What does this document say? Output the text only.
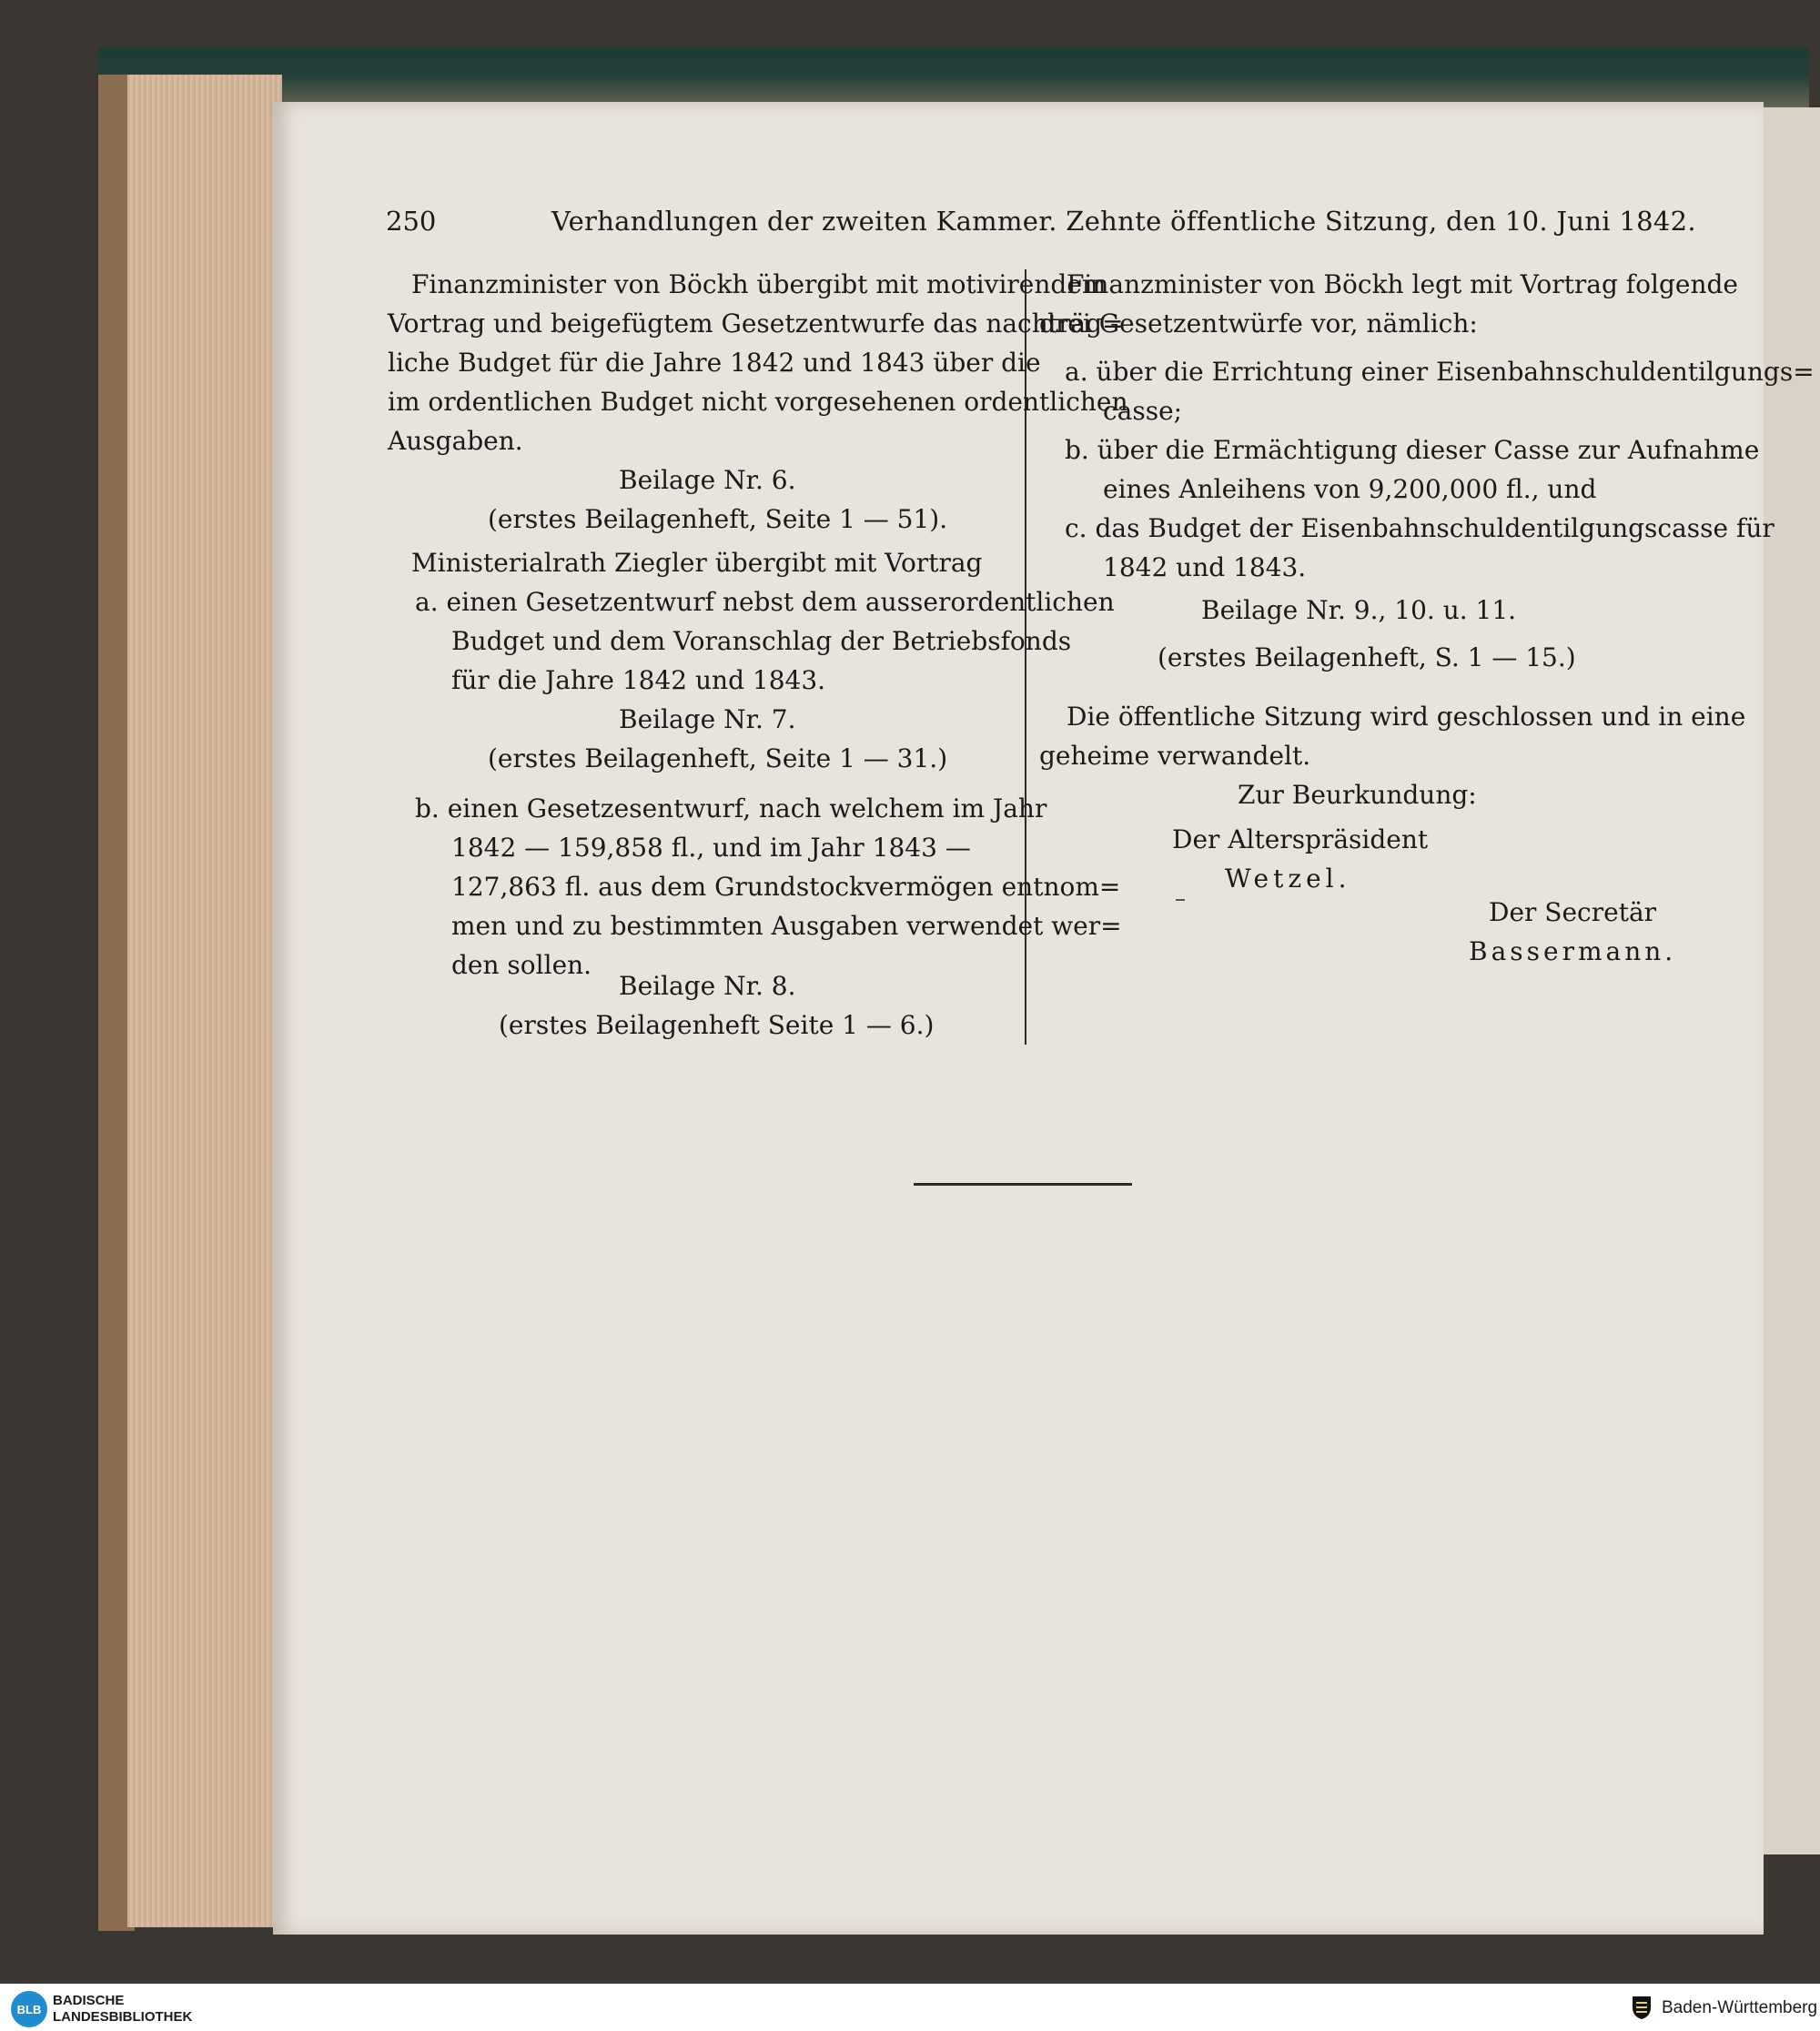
250	Verhandlungen der zweiten Kammer. Zehnte öffentliche Sitzung, den 10. Juni 1842.
Finanzminister von Böckh übergibt mit motivirendem
Vortrag und beigefügtem Gesetzentwurfe das nachträg=
liche Budget für die Jahre 1842 und 1843 über die
im ordentlichen Budget nicht vorgesehenen ordentlichen
Ausgaben.
Beilage Nr. 6.
(erstes Beilagenheft, Seite 1 — 51).
Ministerialrath Ziegler übergibt mit Vortrag
a. einen Gesetzentwurf nebst dem ausserordentlichen
Budget und dem Voranschlag der Betriebsfonds
für die Jahre 1842 und 1843.
Beilage Nr. 7.
(erstes Beilagenheft, Seite 1 — 31.)
b. einen Gesetzesentwurf, nach welchem im Jahr
1842 — 159,858 fl., und im Jahr 1843 —
127,863 fl. aus dem Grundstockvermögen entnom=
men und zu bestimmten Ausgaben verwendet wer=
den sollen.
Beilage Nr. 8.
(erstes Beilagenheft Seite 1 — 6.)
Finanzminister von Böckh legt mit Vortrag folgende
drei Gesetzentwürfe vor, nämlich:
a. über die Errichtung einer Eisenbahnschuldentilgungs=
casse;
b. über die Ermächtigung dieser Casse zur Aufnahme
eines Anleihens von 9,200,000 fl., und
c. das Budget der Eisenbahnschuldentilgungscasse für
1842 und 1843.
Beilage Nr. 9., 10. u. 11.
(erstes Beilagenheft, S. 1 — 15.)
Die öffentliche Sitzung wird geschlossen und in eine
geheime verwandelt.
Zur Beurkundung:
Der Alterspräsident
Wetzel.
Der Secretär
Bassermann.
BLB
BADISCHE
LANDESBIBLIOTHEK	Baden-Württemberg
